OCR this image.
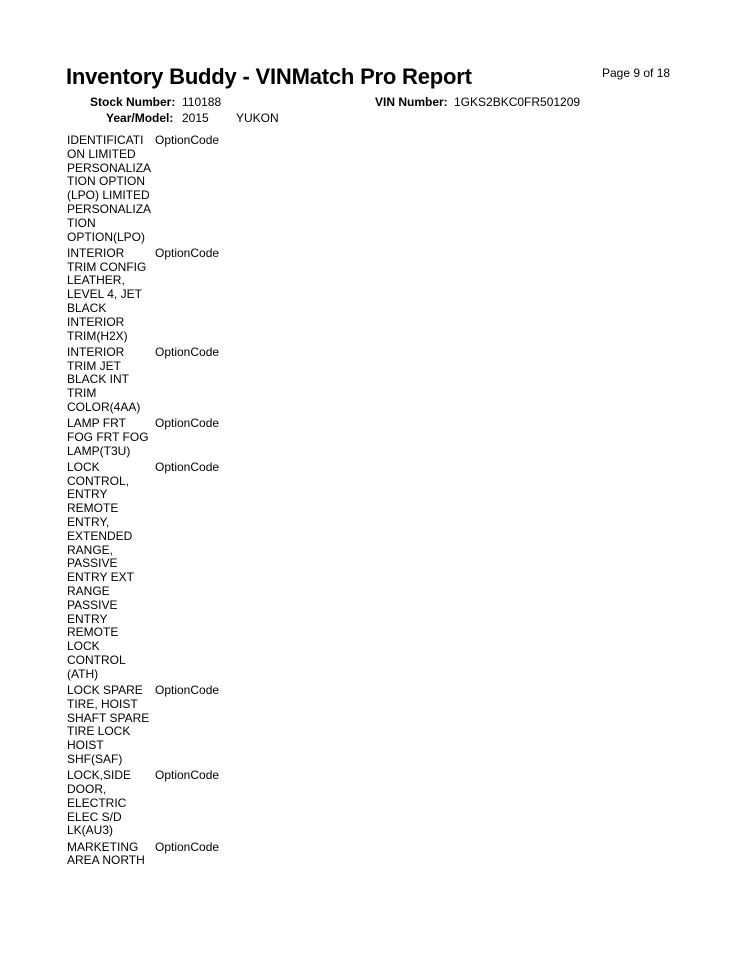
Inventory Buddy - VINMatch Pro Report	Page 9 of 18
Stock Number: 110188	VIN Number: 1GKS2BKC0FR501209
Year/Model: 2015 YUKON
IDENTIFICATI
ON LIMITED
PERSONALIZA
TION OPTION
(LPO) LIMITED
PERSONALIZA
TION
OPTION(LPO)
OptionCode
INTERIOR
TRIM CONFIG
LEATHER,
LEVEL 4, JET
BLACK
INTERIOR
TRIM(H2X)
OptionCode
INTERIOR
TRIM JET
BLACK INT
TRIM
COLOR(4AA)
OptionCode
LAMP FRT
FOG FRT FOG
LAMP(T3U)
OptionCode
LOCK
CONTROL,
ENTRY
REMOTE
ENTRY,
EXTENDED
RANGE,
PASSIVE
ENTRY EXT
RANGE
PASSIVE
ENTRY
REMOTE
LOCK
CONTROL
(ATH)
OptionCode
LOCK SPARE
TIRE, HOIST
SHAFT SPARE
TIRE LOCK
HOIST
SHF(SAF)
OptionCode
LOCK,SIDE
DOOR,
ELECTRIC
ELEC S/D
LK(AU3)
OptionCode
MARKETING
AREA NORTH
OptionCode
